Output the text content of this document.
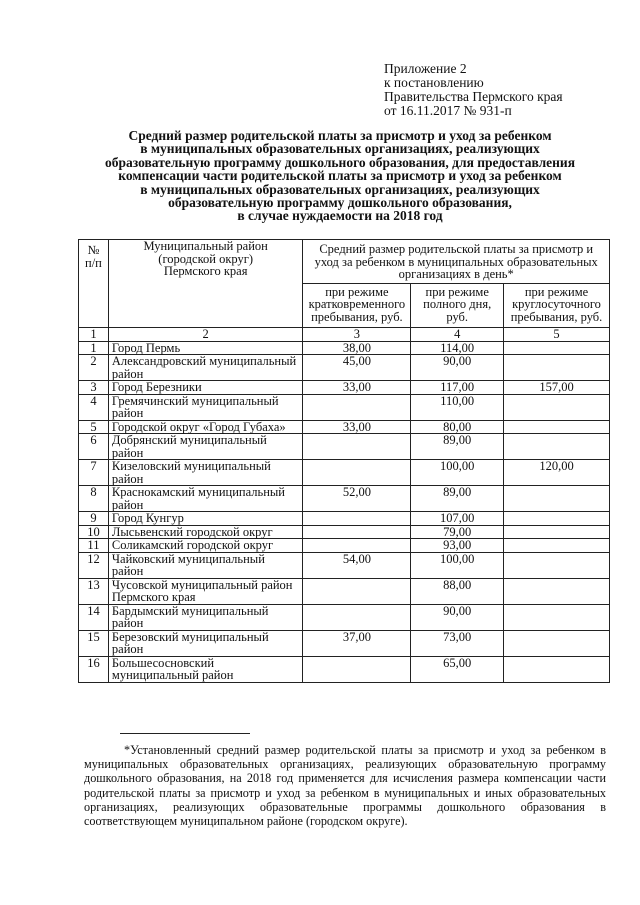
Приложение 2
к постановлению
Правительства Пермского края
от 16.11.2017 № 931-п
Средний размер родительской платы за присмотр и уход за ребенком
в муниципальных образовательных организациях, реализующих
образовательную программу дошкольного образования, для предоставления
компенсации части родительской платы за присмотр и уход за ребенком
в муниципальных образовательных организациях, реализующих
образовательную программу дошкольного образования,
в случае нуждаемости на 2018 год
№ п/п	Муниципальный район (городской округ) Пермского края	Средний размер родительской платы за присмотр и уход за ребенком в муниципальных образовательных организациях в день*		
		при режиме кратковременного пребывания, руб.	при режиме полного дня, руб.	при режиме круглосуточного пребывания, руб.
1	2	3	4	5
1	Город Пермь	38,00	114,00	
2	Александровский муниципальный район	45,00	90,00	
3	Город Березники	33,00	117,00	157,00
4	Гремячинский муниципальный район		110,00	
5	Городской округ «Город Губаха»	33,00	80,00	
6	Добрянский муниципальный район		89,00	
7	Кизеловский муниципальный район		100,00	120,00
8	Краснокамский муниципальный район	52,00	89,00	
9	Город Кунгур		107,00	
10	Лысьвенский городской округ		79,00	
11	Соликамский городской округ		93,00	
12	Чайковский муниципальный район	54,00	100,00	
13	Чусовской муниципальный район Пермского края		88,00	
14	Бардымский муниципальный район		90,00	
15	Березовский муниципальный район	37,00	73,00	
16	Большесосновский муниципальный район		65,00	
*Установленный средний размер родительской платы за присмотр и уход за ребенком в муниципальных образовательных организациях, реализующих образовательную программу дошкольного образования, на 2018 год применяется для исчисления размера компенсации части родительской платы за присмотр и уход за ребенком в муниципальных и иных образовательных организациях, реализующих образовательные программы дошкольного образования в соответствующем муниципальном районе (городском округе).
